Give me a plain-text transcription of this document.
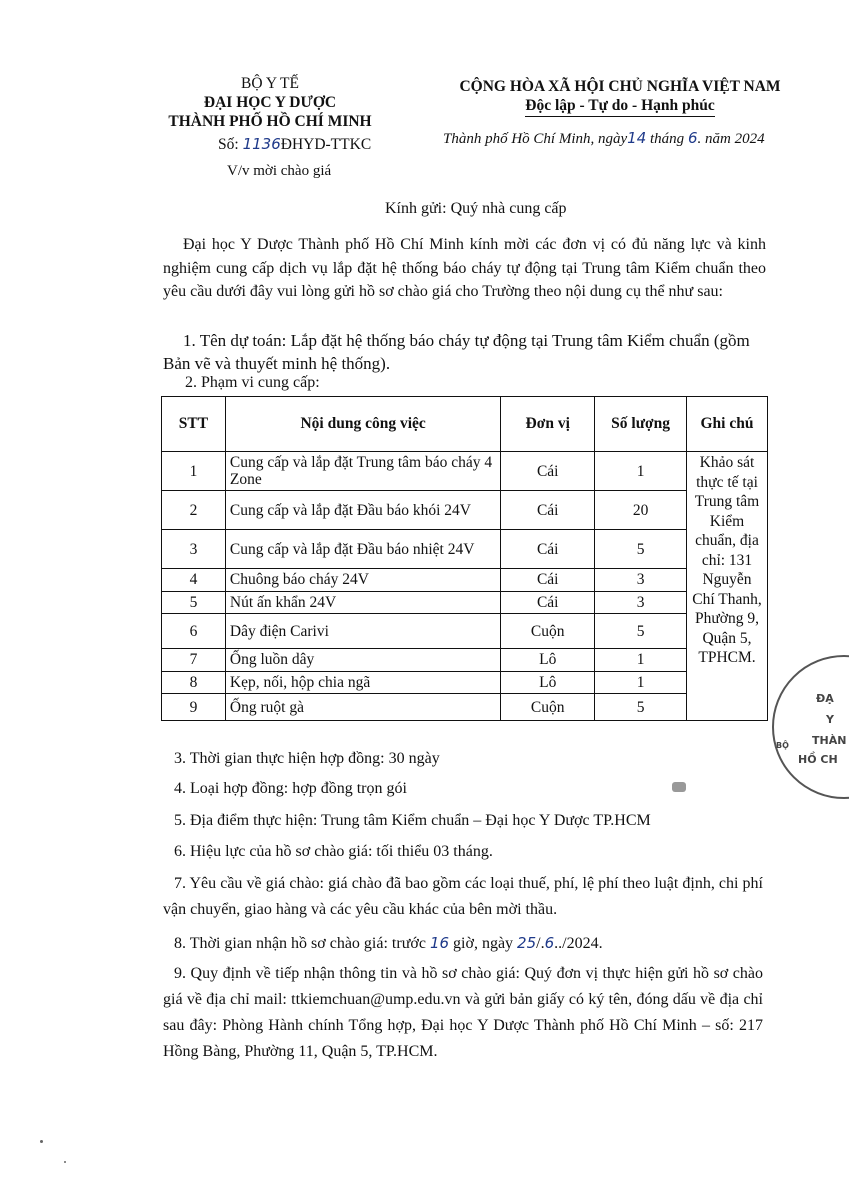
BỘ Y TẾ
ĐẠI HỌC Y DƯỢC
THÀNH PHỐ HỒ CHÍ MINH
Số: 1136ĐHYD-TTKC
V/v mời chào giá
CỘNG HÒA XÃ HỘI CHỦ NGHĨA VIỆT NAM
Độc lập - Tự do - Hạnh phúc
Thành phố Hồ Chí Minh, ngày14 tháng 6. năm 2024
Kính gửi: Quý nhà cung cấp
Đại học Y Dược Thành phố Hồ Chí Minh kính mời các đơn vị có đủ năng lực và kinh nghiệm cung cấp dịch vụ lắp đặt hệ thống báo cháy tự động tại Trung tâm Kiểm chuẩn theo yêu cầu dưới đây vui lòng gửi hồ sơ chào giá cho Trường theo nội dung cụ thể như sau:
1. Tên dự toán: Lắp đặt hệ thống báo cháy tự động tại Trung tâm Kiểm chuẩn (gồm Bản vẽ và thuyết minh hệ thống).
2. Phạm vi cung cấp:
STT	Nội dung công việc	Đơn vị	Số lượng	Ghi chú
1	Cung cấp và lắp đặt Trung tâm báo cháy 4 Zone	Cái	1	Khảo sát thực tế tại Trung tâm Kiểm chuẩn, địa chỉ: 131 Nguyễn Chí Thanh, Phường 9, Quận 5, TPHCM.
2	Cung cấp và lắp đặt Đầu báo khói 24V	Cái	20	
3	Cung cấp và lắp đặt Đầu báo nhiệt 24V	Cái	5	
4	Chuông báo cháy 24V	Cái	3	
5	Nút ấn khẩn 24V	Cái	3	
6	Dây điện Carivi	Cuộn	5	
7	Ống luồn dây	Lô	1	
8	Kẹp, nối, hộp chia ngã	Lô	1	
9	Ống ruột gà	Cuộn	5	
3. Thời gian thực hiện hợp đồng: 30 ngày
4. Loại hợp đồng: hợp đồng trọn gói
5. Địa điểm thực hiện: Trung tâm Kiểm chuẩn – Đại học Y Dược TP.HCM
6. Hiệu lực của hồ sơ chào giá: tối thiểu 03 tháng.
7. Yêu cầu về giá chào: giá chào đã bao gồm các loại thuế, phí, lệ phí theo luật định, chi phí vận chuyển, giao hàng và các yêu cầu khác của bên mời thầu.
8. Thời gian nhận hồ sơ chào giá: trước 16 giờ, ngày 25/.6../2024.
9. Quy định về tiếp nhận thông tin và hồ sơ chào giá: Quý đơn vị thực hiện gửi hồ sơ chào giá về địa chỉ mail: ttkiemchuan@ump.edu.vn và gửi bản giấy có ký tên, đóng dấu về địa chỉ sau đây: Phòng Hành chính Tổng hợp, Đại học Y Dược Thành phố Hồ Chí Minh – số: 217 Hồng Bàng, Phường 11, Quận 5, TP.HCM.
ĐẠ
Y
THÀN
HỒ CH
BỘ
